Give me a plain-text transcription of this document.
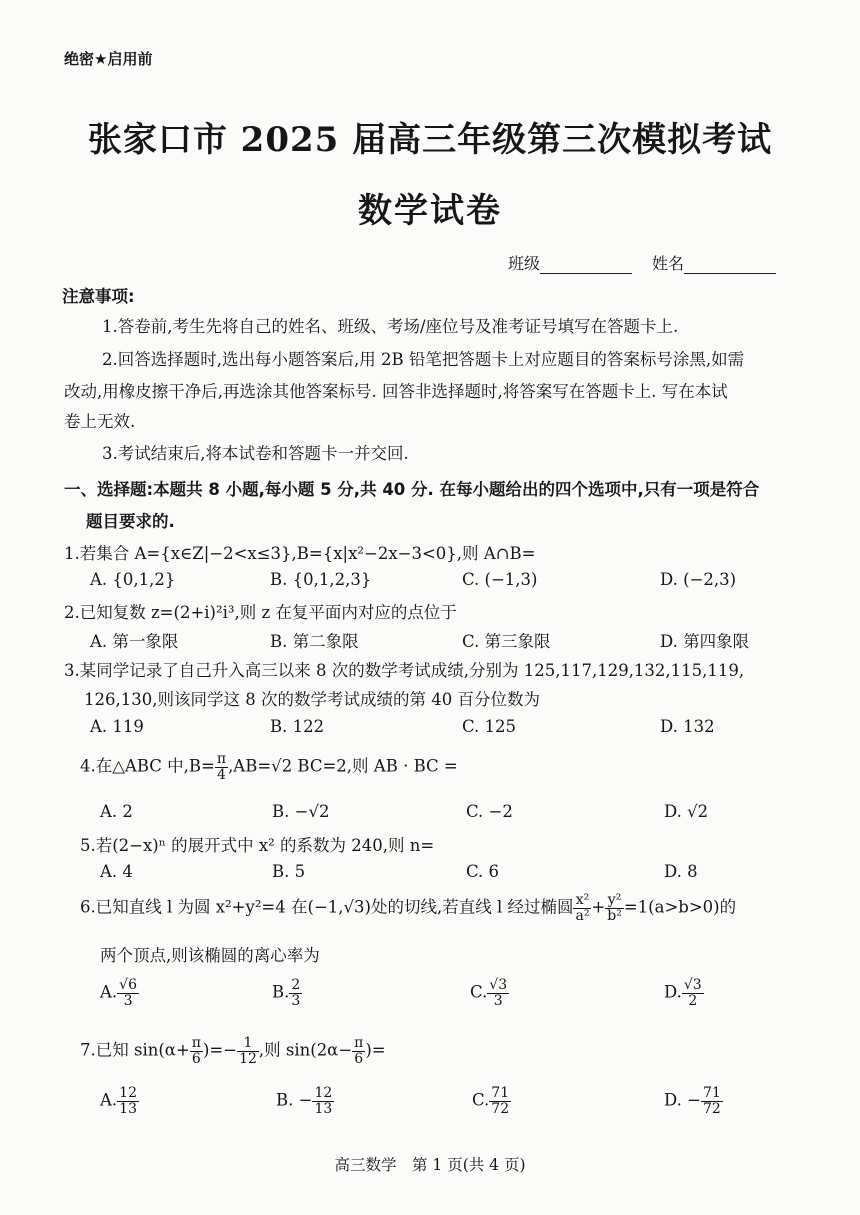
绝密★启用前
张家口市 2025 届高三年级第三次模拟考试
数学试卷
班级	姓名
注意事项:
1.答卷前,考生先将自己的姓名、班级、考场/座位号及准考证号填写在答题卡上.
2.回答选择题时,选出每小题答案后,用 2B 铅笔把答题卡上对应题目的答案标号涂黑,如需
改动,用橡皮擦干净后,再选涂其他答案标号. 回答非选择题时,将答案写在答题卡上. 写在本试
卷上无效.
3.考试结束后,将本试卷和答题卡一并交回.
一、选择题:本题共 8 小题,每小题 5 分,共 40 分. 在每小题给出的四个选项中,只有一项是符合
题目要求的.
1.若集合 A={x∈Z|−2<x≤3},B={x|x²−2x−3<0},则 A∩B=
A. {0,1,2}	B. {0,1,2,3}	C. (−1,3)	D. (−2,3)
2.已知复数 z=(2+i)²i³,则 z 在复平面内对应的点位于
A. 第一象限	B. 第二象限	C. 第三象限	D. 第四象限
3.某同学记录了自己升入高三以来 8 次的数学考试成绩,分别为 125,117,129,132,115,119,
126,130,则该同学这 8 次的数学考试成绩的第 40 百分位数为
A. 119	B. 122	C. 125	D. 132
4.在△ABC 中$,B= \frac{\pi}{4} ,AB=√2$ BC=2,则 AB · BC =
A. 2	B. −√2	C. −2	D. √2
5.若(2−x)ⁿ 的展开式中 x² 的系数为 240,则 n=
A. 4	B. 5	C. 6	D. 8
6.已知直线 l 为圆 x²+y²=4 在(−1,√3)处的切线,若直线 l 经过椭圆 $\frac{\text{x²}}{\text{a²}} + \frac{\text{y²}}{\text{b²}} =1(a>b>0)$的
两个顶点,则该椭圆的离心率为
A. $\frac{√6}{3}$	B. $\frac{2}{3}$	C. $\frac{√3}{3}$	D. $\frac{√3}{2}$
7.已知 $\sin(\alpha+ \frac{\pi}{6}$ )=− $\frac{1}{12}$ ,则 $\sin(2\alpha- \frac{\pi}{6}$ )=
A. $\frac{12}{13}$	B. − $\frac{12}{13}$	C. $\frac{71}{72}$	D. − $\frac{71}{72}$
高三数学　第 1 页(共 4 页)
